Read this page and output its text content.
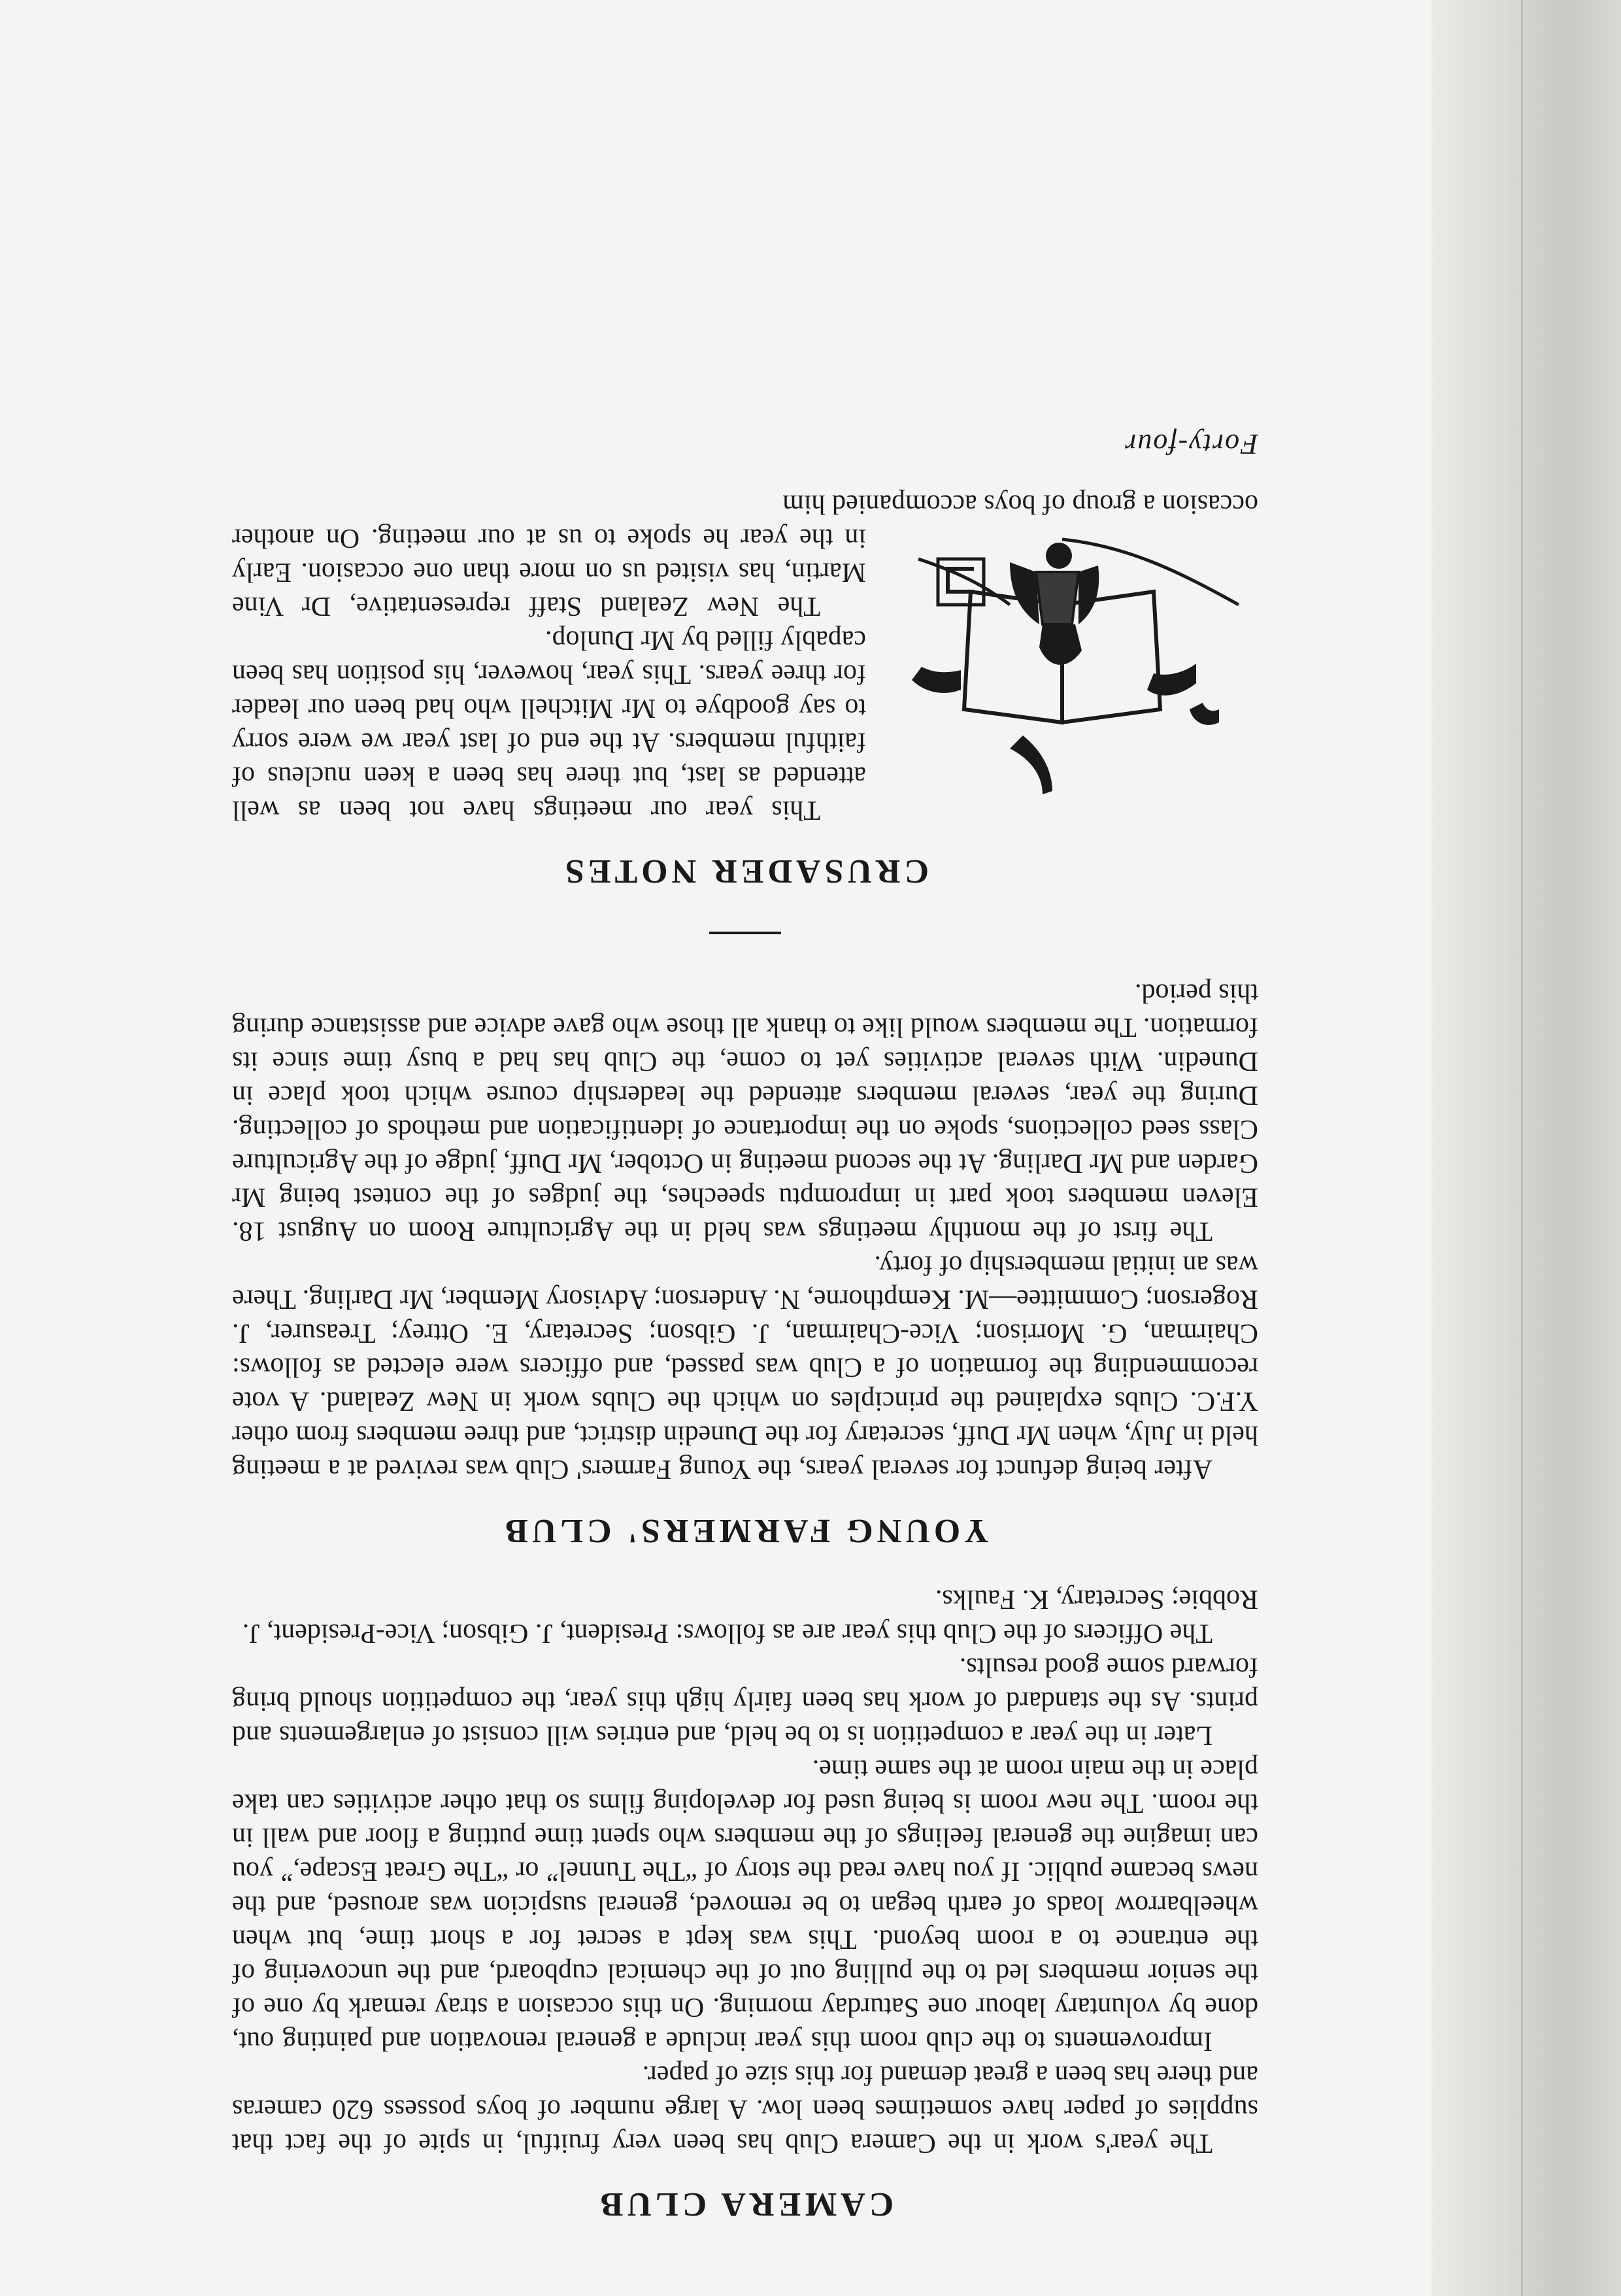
CAMERA CLUB

The year's work in the Camera Club has been very fruitful, in spite of the fact that supplies of paper have sometimes been low. A large number of boys possess 620 cameras and there has been a great demand for this size of paper.

Improvements to the club room this year include a general renovation and painting out, done by voluntary labour one Saturday morning. On this occasion a stray remark by one of the senior members led to the pulling out of the chemical cupboard, and the uncovering of the entrance to a room beyond. This was kept a secret for a short time, but when wheelbarrow loads of earth began to be removed, general suspicion was aroused, and the news became public. If you have read the story of “The Tunnel” or “The Great Escape,” you can imagine the general feelings of the members who spent time putting a floor and wall in the room. The new room is being used for developing films so that other activities can take place in the main room at the same time.

Later in the year a competition is to be held, and entries will consist of enlargements and prints. As the standard of work has been fairly high this year, the competition should bring forward some good results.

The Officers of the Club this year are as follows: President, J. Gibson; Vice-President, J. Robbie; Secretary, K. Faulks.

YOUNG FARMERS' CLUB

After being defunct for several years, the Young Farmers' Club was revived at a meeting held in July, when Mr Duff, secretary for the Dunedin district, and three members from other Y.F.C. Clubs explained the principles on which the Clubs work in New Zealand. A vote recommending the formation of a Club was passed, and officers were elected as follows: Chairman, G. Morrison; Vice-Chairman, J. Gibson; Secretary, E. Ottrey; Treasurer, J. Rogerson; Committee—M. Kempthorne, N. Anderson; Advisory Member, Mr Darling. There was an initial membership of forty.

The first of the monthly meetings was held in the Agriculture Room on August 18. Eleven members took part in impromptu speeches, the judges of the contest being Mr Garden and Mr Darling. At the second meeting in October, Mr Duff, judge of the Agriculture Class seed collections, spoke on the importance of identification and methods of collecting. During the year, several members attended the leadership course which took place in Dunedin. With several activities yet to come, the Club has had a busy time since its formation. The members would like to thank all those who gave advice and assistance during this period.

CRUSADER NOTES

This year our meetings have not been as well attended as last, but there has been a keen nucleus of faithful members. At the end of last year we were sorry to say goodbye to Mr Mitchell who had been our leader for three years. This year, however, his position has been capably filled by Mr Dunlop.

The New Zealand Staff representative, Dr Vine Martin, has visited us on more than one occasion. Early in the year he spoke to us at our meeting. On another occasion a group of boys accompanied him

Forty-four
